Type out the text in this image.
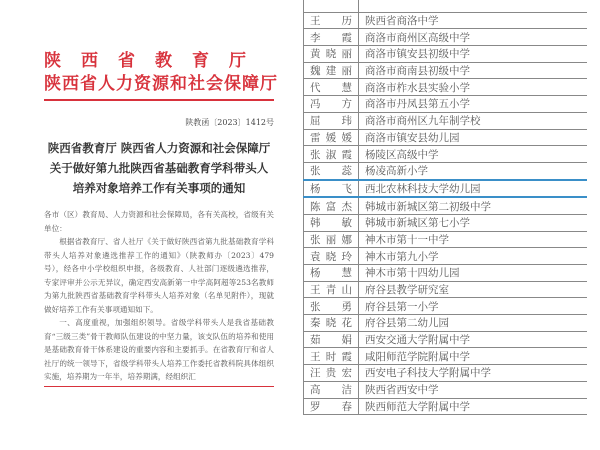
陕西省教育厅
陕西省人力资源和社会保障厅
陕教函〔2023〕1412号
陕西省教育厅 陕西省人力资源和社会保障厅
关于做好第九批陕西省基础教育学科带头人
培养对象培养工作有关事项的通知

各市（区）教育局、人力资源和社会保障局，各有关高校，省级有关单位：

根据省教育厅、省人社厅《关于做好陕西省第九批基础教育学科带头人培养对象遴选推荐工作的通知》（陕教师办〔2023〕479号），经各中小学校组织申报，各级教育、人社部门逐级遴选推荐，专家评审并公示无异议，确定西安高新第一中学高阿超等253名教师为第九批陕西省基础教育学科带头人培养对象（名单见附件），现就做好培养工作有关事项通知如下。

一、高度重视，加强组织领导。省级学科带头人是我省基础教育“三级三类”骨干教师队伍建设的中坚力量，该支队伍的培养和使用是基础教育骨干体系建设的重要内容和主要抓手。在省教育厅和省人社厅的统一领导下，省级学科带头人培养工作委托省教科院具体组织实施，培养期为一年半，培养期满，经组织汇

王历	陕西省商洛中学
李霞	商洛市商州区高级中学
黄晓丽	商洛市镇安县初级中学
魏建丽	商洛市商南县初级中学
代慧	商洛市柞水县实验小学
冯方	商洛市丹凤县第五小学
屈玮	商洛市商州区九年制学校
雷媛媛	商洛市镇安县幼儿园
张淑霞	杨陵区高级中学
张蕊	杨凌高新小学
杨飞	西北农林科技大学幼儿园
陈富杰	韩城市新城区第二初级中学
韩敏	韩城市新城区第七小学
张丽娜	神木市第十一中学
袁晓玲	神木市第九小学
杨慧	神木市第十四幼儿园
王青山	府谷县教学研究室
张勇	府谷县第一小学
秦晓花	府谷县第二幼儿园
茹娟	西安交通大学附属中学
王时霞	咸阳师范学院附属中学
汪贵宏	西安电子科技大学附属中学
高洁	陕西省西安中学
罗春	陕西师范大学附属中学
